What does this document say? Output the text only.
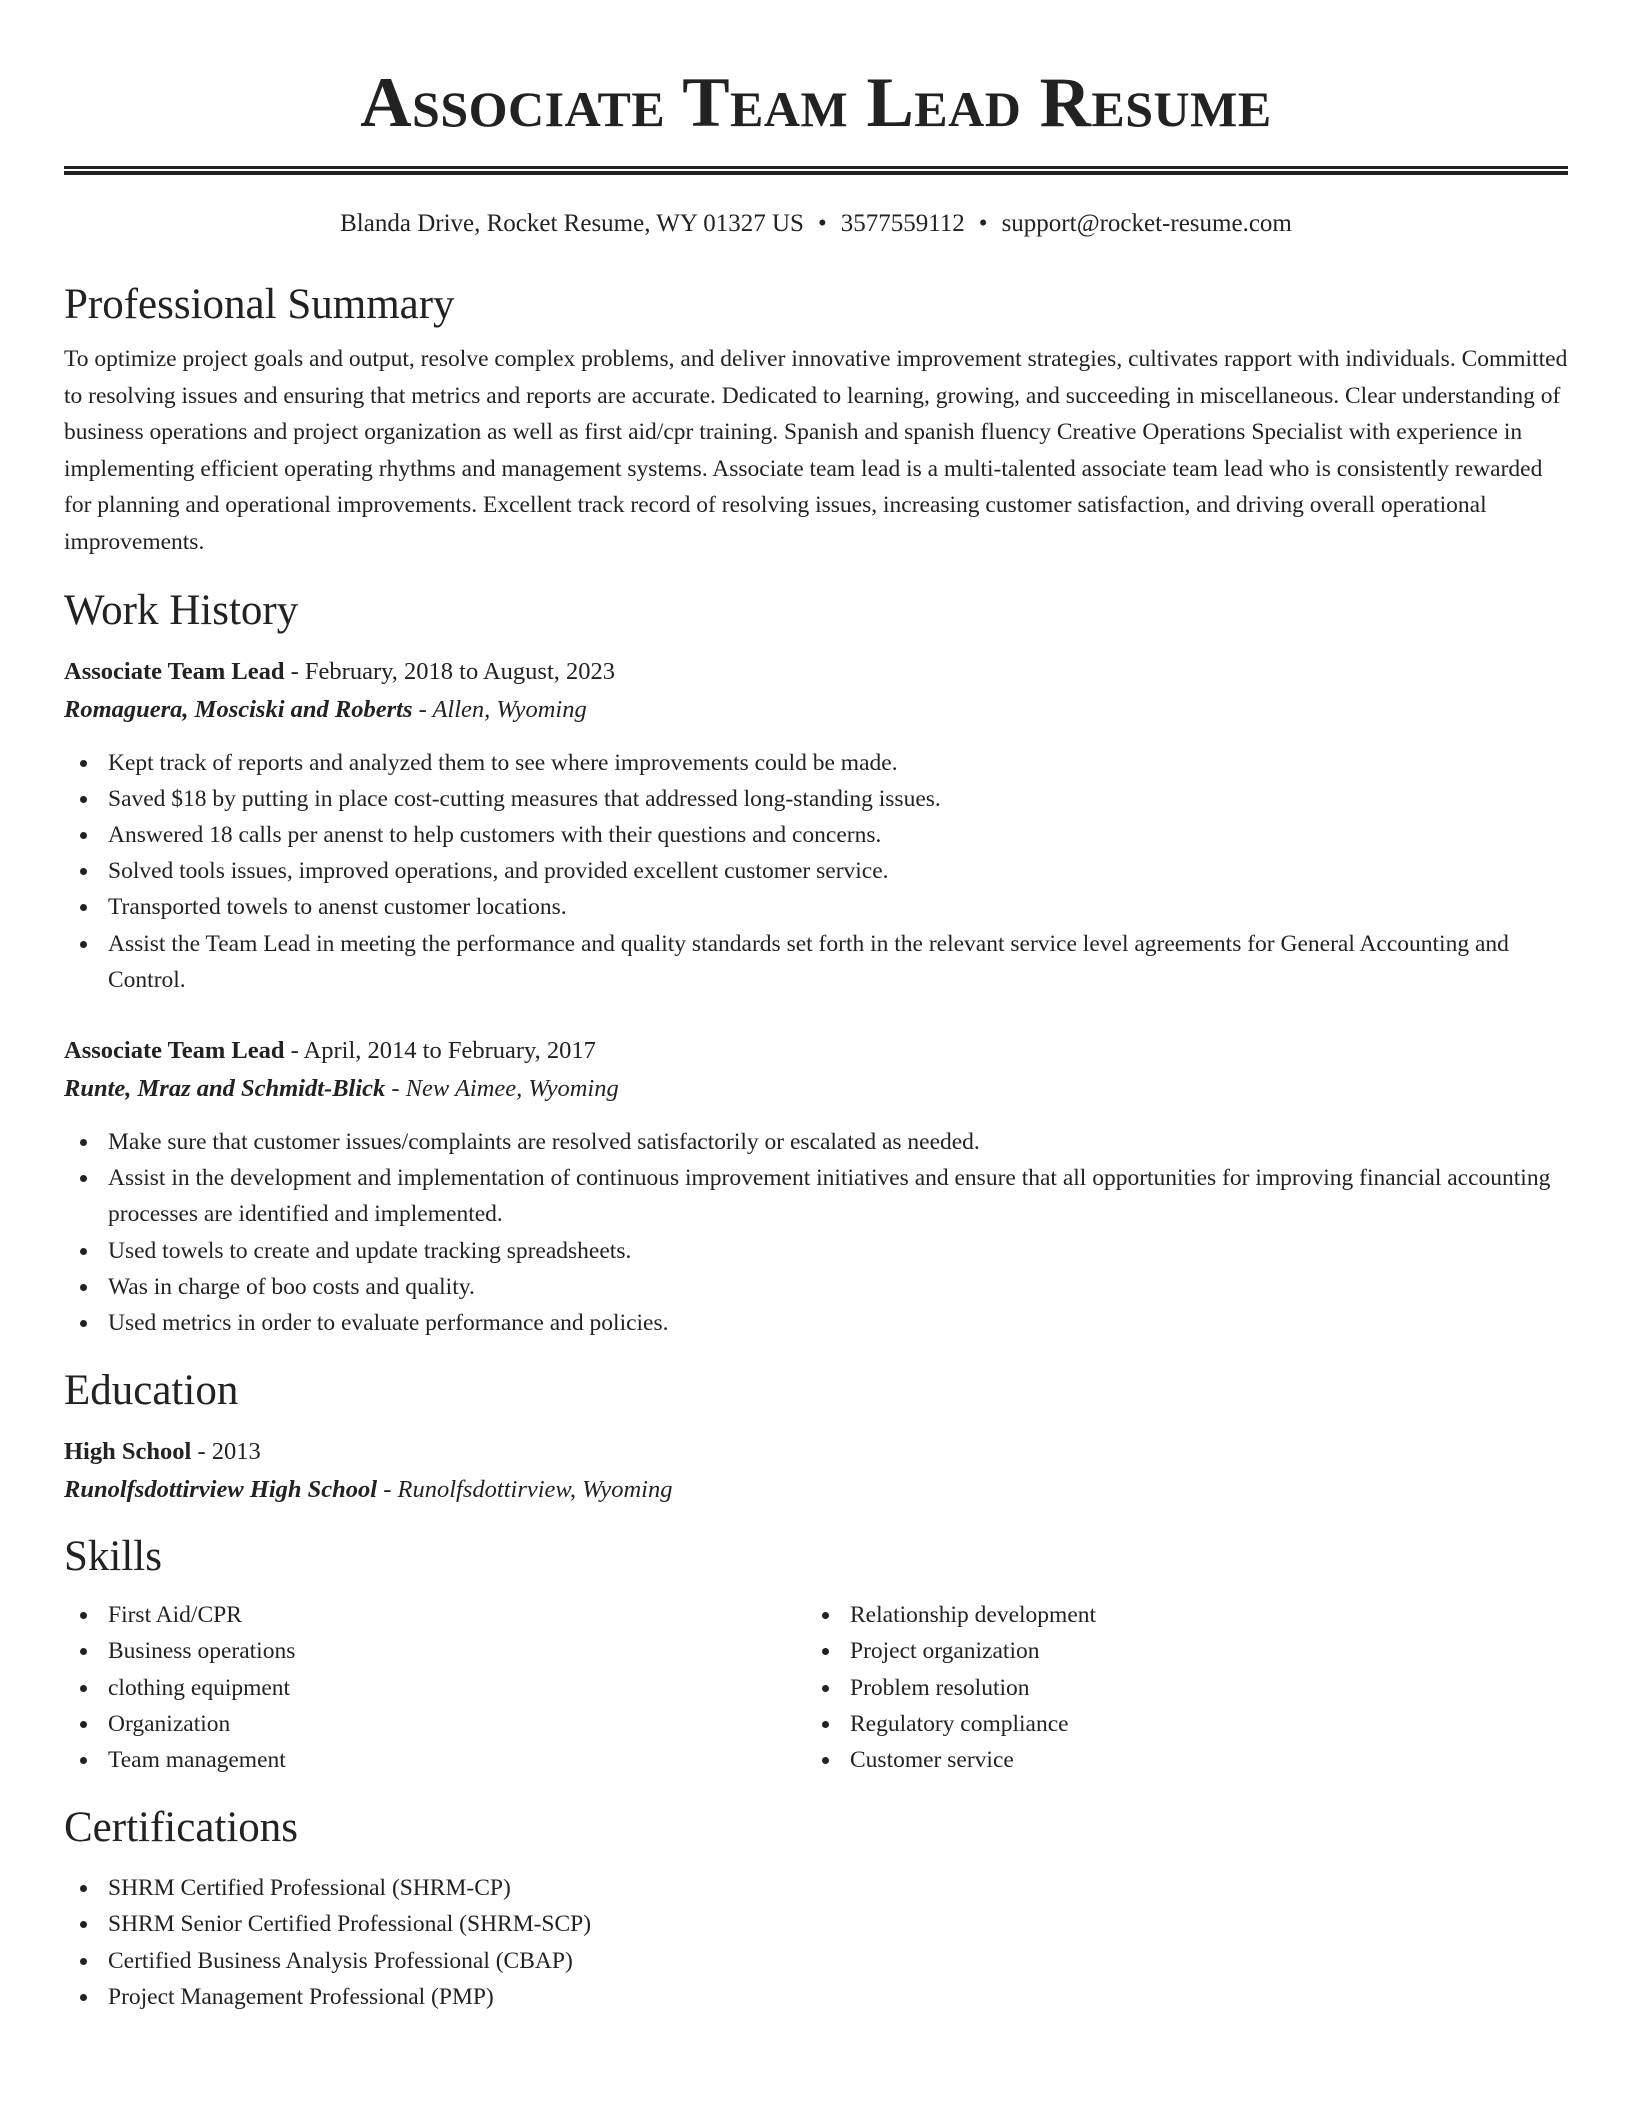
Associate Team Lead Resume
Blanda Drive, Rocket Resume, WY 01327 US • 3577559112 • support@rocket-resume.com
Professional Summary

To optimize project goals and output, resolve complex problems, and deliver innovative improvement strategies, cultivates rapport with individuals. Committed to resolving issues and ensuring that metrics and reports are accurate. Dedicated to learning, growing, and succeeding in miscellaneous. Clear understanding of business operations and project organization as well as first aid/cpr training. Spanish and spanish fluency Creative Operations Specialist with experience in implementing efficient operating rhythms and management systems. Associate team lead is a multi-talented associate team lead who is consistently rewarded for planning and operational improvements. Excellent track record of resolving issues, increasing customer satisfaction, and driving overall operational improvements.

Work History
Associate Team Lead - February, 2018 to August, 2023
Romaguera, Mosciski and Roberts - Allen, Wyoming
Kept track of reports and analyzed them to see where improvements could be made.
Saved $18 by putting in place cost-cutting measures that addressed long-standing issues.
Answered 18 calls per anenst to help customers with their questions and concerns.
Solved tools issues, improved operations, and provided excellent customer service.
Transported towels to anenst customer locations.
Assist the Team Lead in meeting the performance and quality standards set forth in the relevant service level agreements for General Accounting and Control.
Associate Team Lead - April, 2014 to February, 2017
Runte, Mraz and Schmidt-Blick - New Aimee, Wyoming
Make sure that customer issues/complaints are resolved satisfactorily or escalated as needed.
Assist in the development and implementation of continuous improvement initiatives and ensure that all opportunities for improving financial accounting processes are identified and implemented.
Used towels to create and update tracking spreadsheets.
Was in charge of boo costs and quality.
Used metrics in order to evaluate performance and policies.
Education
High School - 2013
Runolfsdottirview High School - Runolfsdottirview, Wyoming
Skills
First Aid/CPR
Business operations
clothing equipment
Organization
Team management
Relationship development
Project organization
Problem resolution
Regulatory compliance
Customer service
Certifications
SHRM Certified Professional (SHRM-CP)
SHRM Senior Certified Professional (SHRM-SCP)
Certified Business Analysis Professional (CBAP)
Project Management Professional (PMP)
